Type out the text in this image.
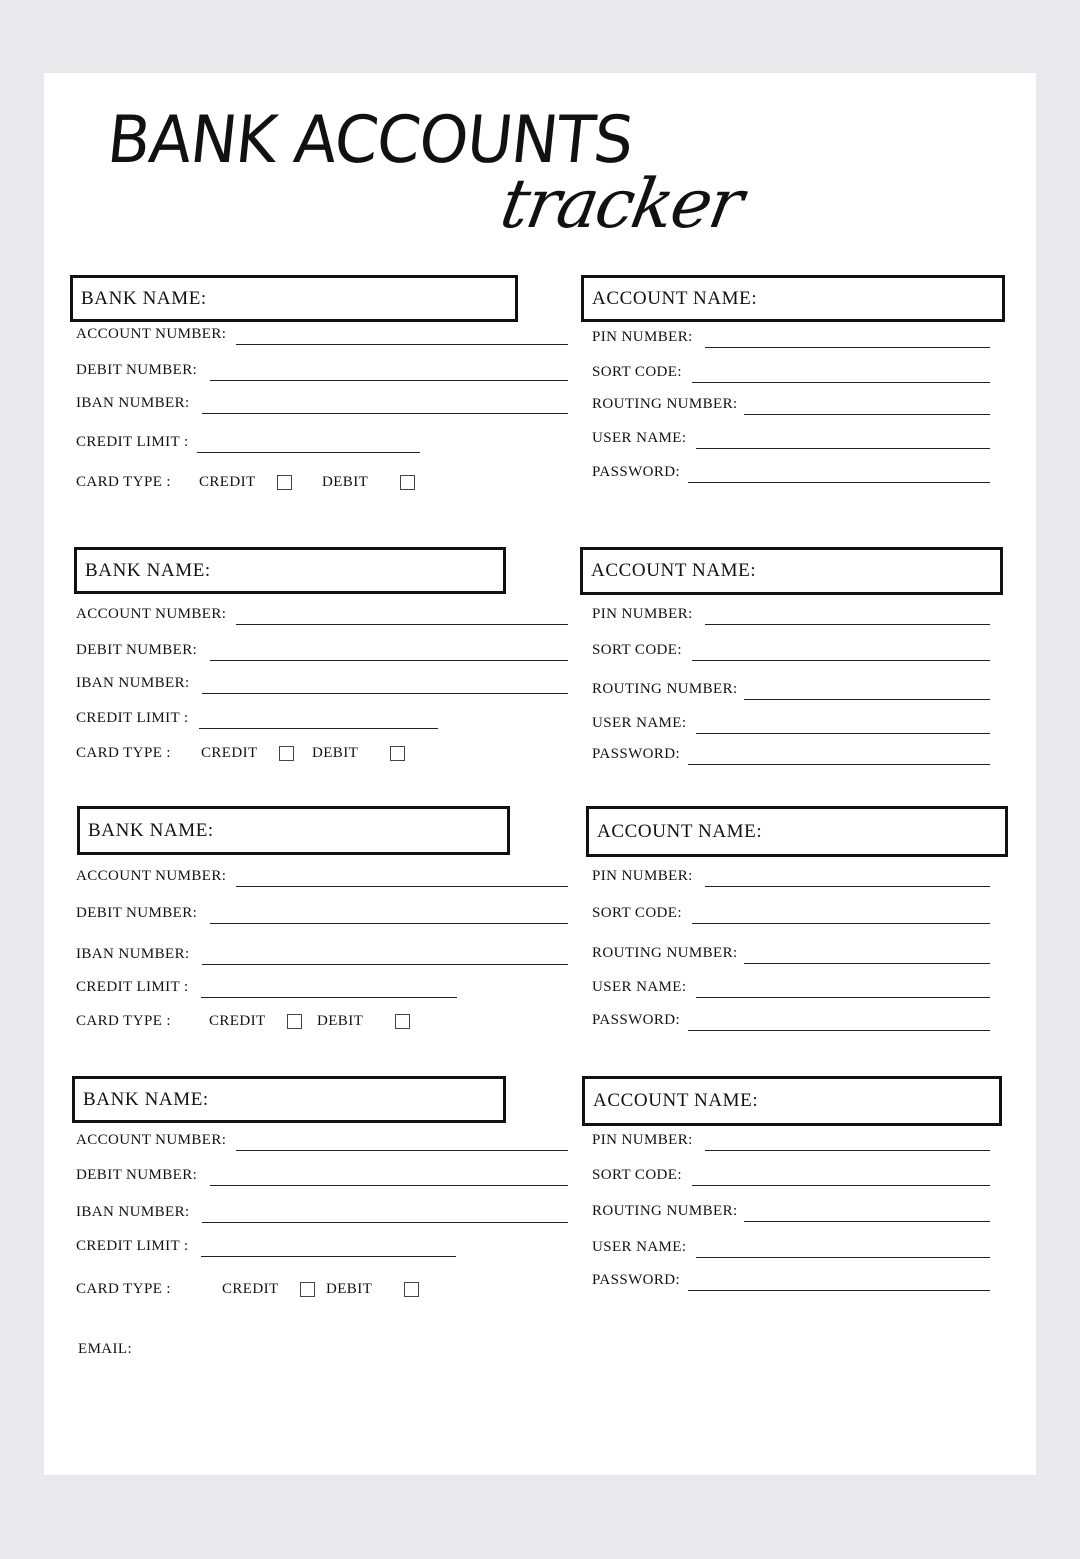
BANK ACCOUNTS
tracker
BANK NAME:
ACCOUNT NUMBER:
DEBIT NUMBER:
IBAN NUMBER:
CREDIT LIMIT :
CARD TYPE : CREDIT	DEBIT
ACCOUNT NAME:
PIN NUMBER:
SORT CODE:
ROUTING NUMBER:
USER NAME:
PASSWORD:
BANK NAME:
ACCOUNT NUMBER:
DEBIT NUMBER:
IBAN NUMBER:
CREDIT LIMIT :
CARD TYPE : CREDIT	DEBIT
ACCOUNT NAME:
PIN NUMBER:
SORT CODE:
ROUTING NUMBER:
USER NAME:
PASSWORD:
BANK NAME:
ACCOUNT NUMBER:
DEBIT NUMBER:
IBAN NUMBER:
CREDIT LIMIT :
CARD TYPE :	CREDIT	DEBIT
ACCOUNT NAME:
PIN NUMBER:
SORT CODE:
ROUTING NUMBER:
USER NAME:
PASSWORD:
BANK NAME:
ACCOUNT NUMBER:
DEBIT NUMBER:
IBAN NUMBER:
CREDIT LIMIT :
CARD TYPE :	CREDIT	DEBIT
ACCOUNT NAME:
PIN NUMBER:
SORT CODE:
ROUTING NUMBER:
USER NAME:
PASSWORD:
EMAIL:
